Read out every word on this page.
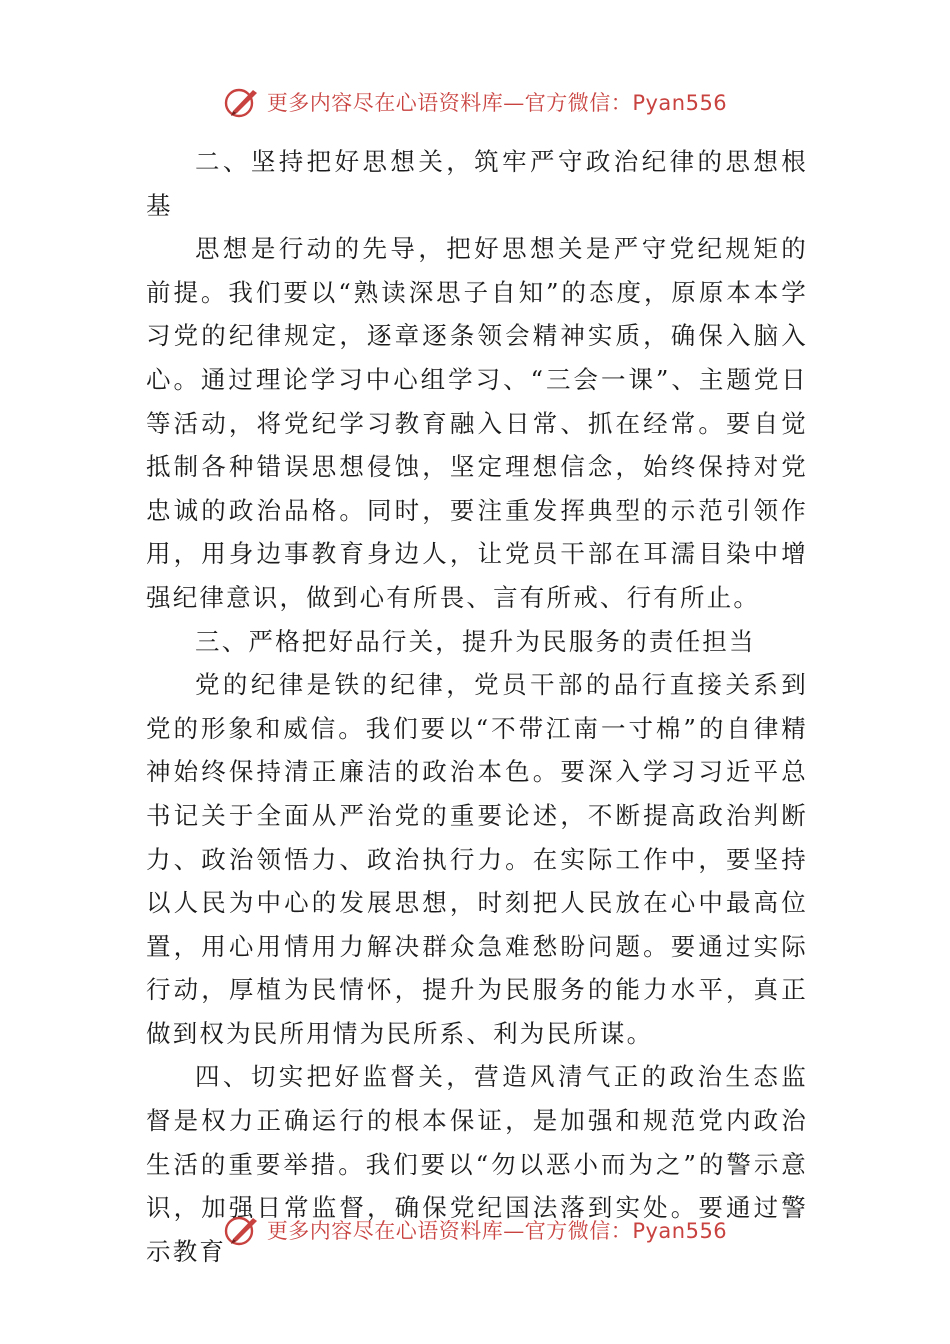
更多内容尽在心语资料库—官方微信：Pyan556

二、坚持把好思想关，筑牢严守政治纪律的思想根基

思想是行动的先导，把好思想关是严守党纪规矩的前提。我们要以“熟读深思子自知”的态度，原原本本学习党的纪律规定，逐章逐条领会精神实质，确保入脑入心。通过理论学习中心组学习、“三会一课”、主题党日等活动，将党纪学习教育融入日常、抓在经常。要自觉抵制各种错误思想侵蚀，坚定理想信念，始终保持对党忠诚的政治品格。同时，要注重发挥典型的示范引领作用，用身边事教育身边人，让党员干部在耳濡目染中增强纪律意识，做到心有所畏、言有所戒、行有所止。

三、严格把好品行关，提升为民服务的责任担当

党的纪律是铁的纪律，党员干部的品行直接关系到党的形象和威信。我们要以“不带江南一寸棉”的自律精神始终保持清正廉洁的政治本色。要深入学习习近平总书记关于全面从严治党的重要论述，不断提高政治判断力、政治领悟力、政治执行力。在实际工作中，要坚持以人民为中心的发展思想，时刻把人民放在心中最高位置，用心用情用力解决群众急难愁盼问题。要通过实际行动，厚植为民情怀，提升为民服务的能力水平，真正做到权为民所用情为民所系、利为民所谋。

四、切实把好监督关，营造风清气正的政治生态监督是权力正确运行的根本保证，是加强和规范党内政治生活的重要举措。我们要以“勿以恶小而为之”的警示意识，加强日常监督，确保党纪国法落到实处。要通过警示教育

更多内容尽在心语资料库—官方微信：Pyan556
